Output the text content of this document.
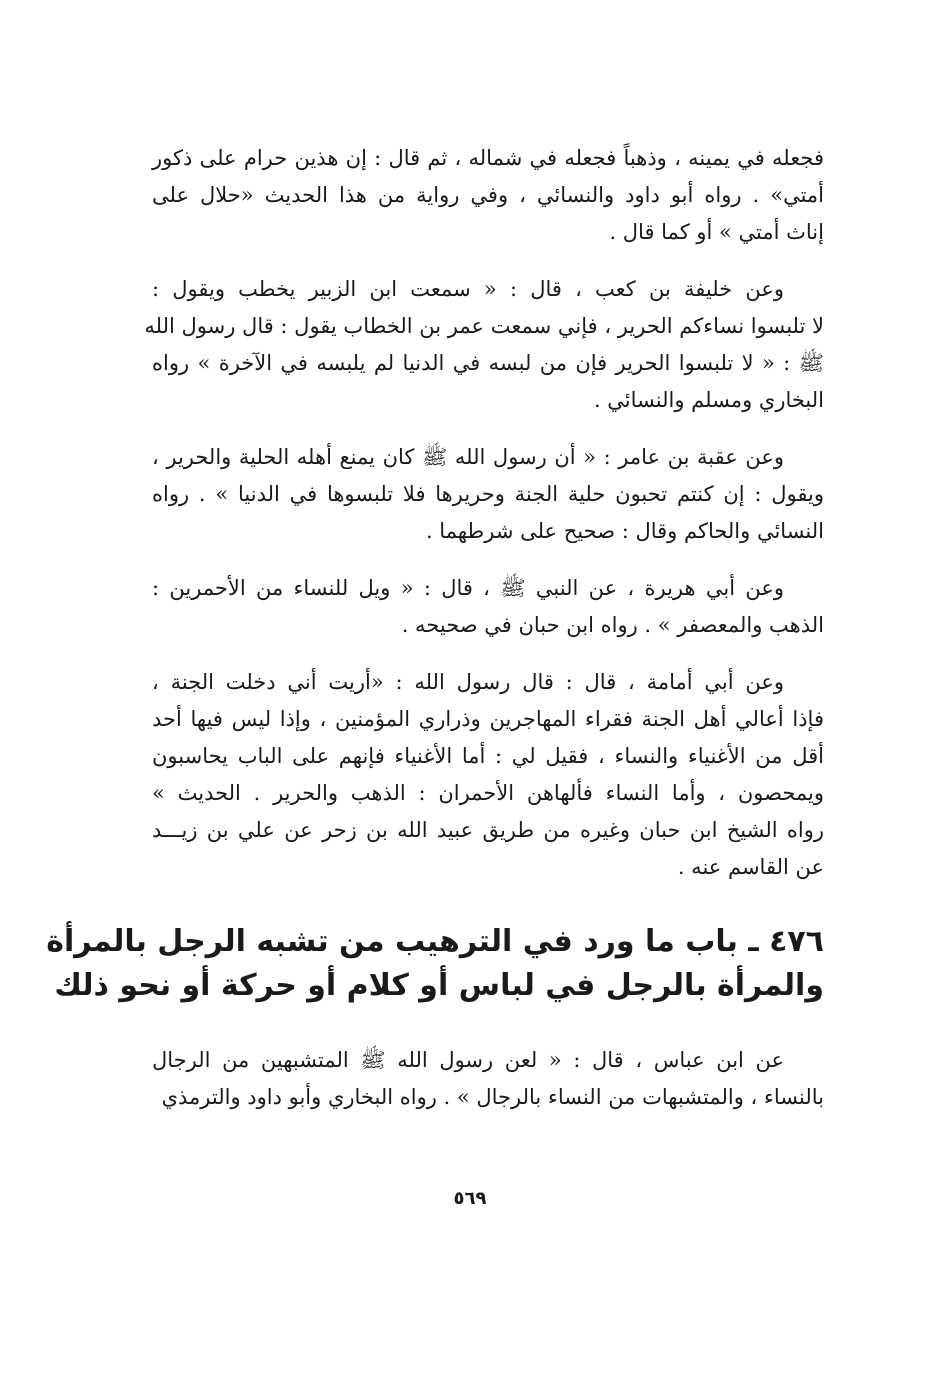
فجعله في يمينه ، وذهباً فجعله في شماله ، ثم قال : إن هذين حرام على ذكور
أمتي» . رواه أبو داود والنسائي ، وفي رواية من هذا الحديث «حلال على
إناث أمتي » أو كما قال .
وعن خليفة بن كعب ، قال : « سمعت ابن الزبير يخطب ويقول :
لا تلبسوا نساءكم الحرير ، فإني سمعت عمر بن الخطاب يقول : قال رسول الله
ﷺ : « لا تلبسوا الحرير فإن من لبسه في الدنيا لم يلبسه في الآخرة » رواه
البخاري ومسلم والنسائي .
وعن عقبة بن عامر : « أن رسول الله ﷺ كان يمنع أهله الحلية والحرير ،
ويقول : إن كنتم تحبون حلية الجنة وحريرها فلا تلبسوها في الدنيا » . رواه
النسائي والحاكم وقال : صحيح على شرطهما .
وعن أبي هريرة ، عن النبي ﷺ ، قال : « ويل للنساء من الأحمرين :
الذهب والمعصفر » . رواه ابن حبان في صحيحه .
وعن أبي أمامة ، قال : قال رسول الله : «أريت أني دخلت الجنة ،
فإذا أعالي أهل الجنة فقراء المهاجرين وذراري المؤمنين ، وإذا ليس فيها أحد
أقل من الأغنياء والنساء ، فقيل لي : أما الأغنياء فإنهم على الباب يحاسبون
ويمحصون ، وأما النساء فألهاهن الأحمران : الذهب والحرير . الحديث »
رواه الشيخ ابن حبان وغيره من طريق عبيد الله بن زحر عن علي بن زيـــد
عن القاسم عنه .
٤٧٦ ـ باب ما ورد في الترهيب من تشبه الرجل بالمرأة
والمرأة بالرجل في لباس أو كلام أو حركة أو نحو ذلك
عن ابن عباس ، قال : « لعن رسول الله ﷺ المتشبهين من الرجال
بالنساء ، والمتشبهات من النساء بالرجال » . رواه البخاري وأبو داود والترمذي
٥٦٩
